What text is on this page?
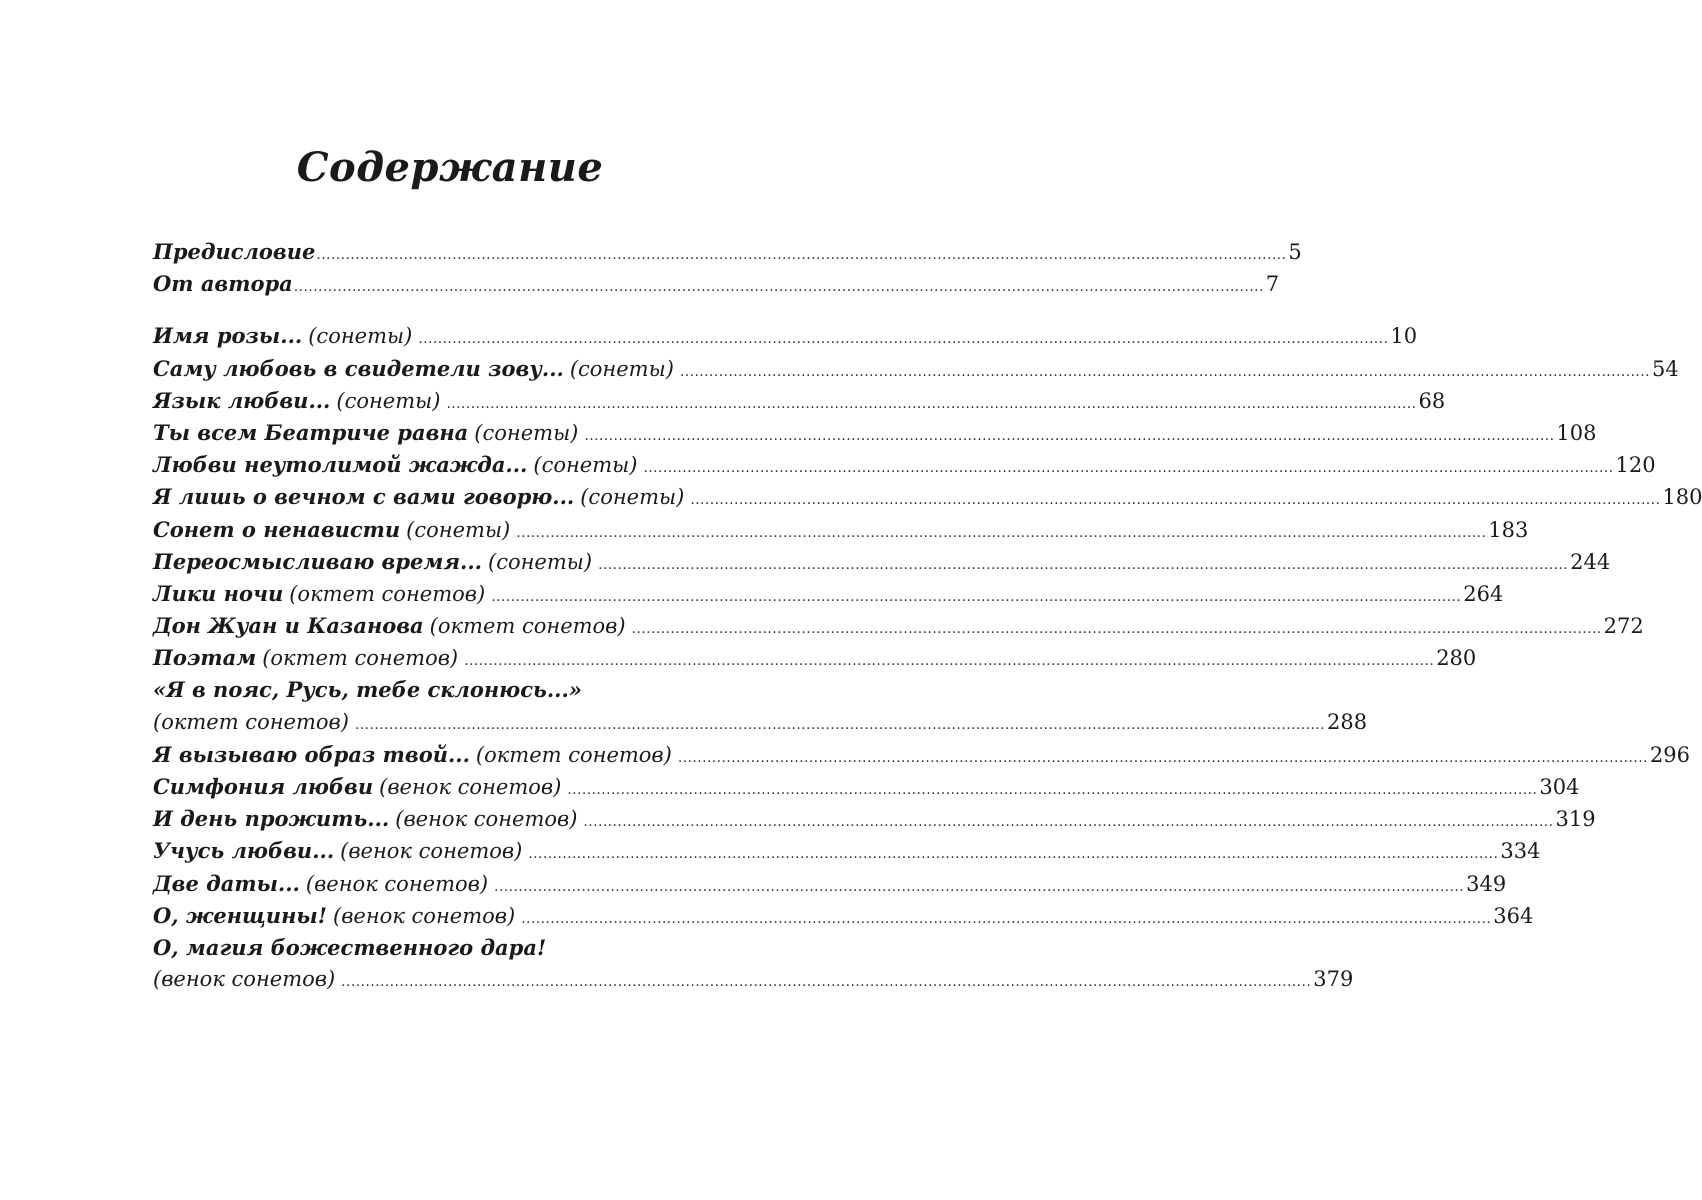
Содержание
Предисловие ........................................................................................................................................................................................................ 5
От автора ........................................................................................................................................................................................................ 7
Имя розы... (сонеты) ........................................................................................................................................................................................................ 10
Саму любовь в свидетели зову... (сонеты) ........................................................................................................................................................................................................ 54
Язык любви... (сонеты) ........................................................................................................................................................................................................ 68
Ты всем Беатриче равна (сонеты) ........................................................................................................................................................................................................ 108
Любви неутолимой жажда... (сонеты) ........................................................................................................................................................................................................ 120
Я лишь о вечном с вами говорю... (сонеты) ........................................................................................................................................................................................................ 180
Сонет о ненависти (сонеты) ........................................................................................................................................................................................................ 183
Переосмысливаю время... (сонеты) ........................................................................................................................................................................................................ 244
Лики ночи (октет сонетов) ........................................................................................................................................................................................................ 264
Дон Жуан и Казанова (октет сонетов) ........................................................................................................................................................................................................ 272
Поэтам (октет сонетов) ........................................................................................................................................................................................................ 280
«Я в пояс, Русь, тебе склонюсь...»
(октет сонетов) ........................................................................................................................................................................................................ 288
Я вызываю образ твой... (октет сонетов) ........................................................................................................................................................................................................ 296
Симфония любви (венок сонетов) ........................................................................................................................................................................................................ 304
И день прожить... (венок сонетов) ........................................................................................................................................................................................................ 319
Учусь любви... (венок сонетов) ........................................................................................................................................................................................................ 334
Две даты... (венок сонетов) ........................................................................................................................................................................................................ 349
О, женщины! (венок сонетов) ........................................................................................................................................................................................................ 364
О, магия божественного дара!
(венок сонетов) ........................................................................................................................................................................................................ 379
